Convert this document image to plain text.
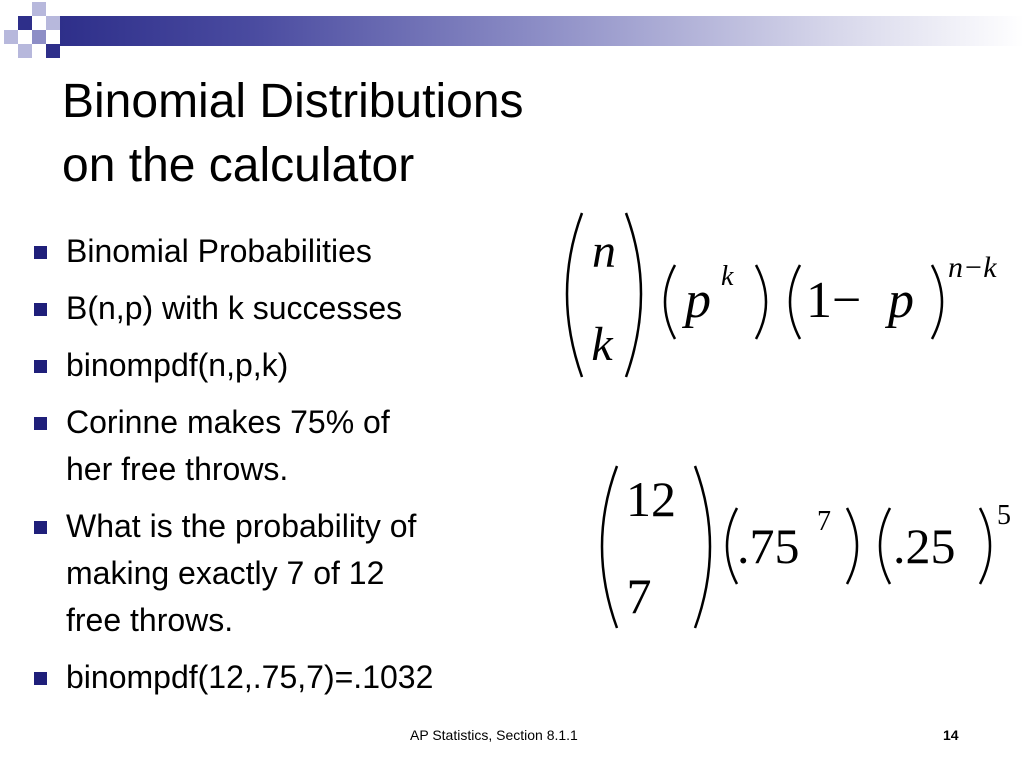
Binomial Distributions
on the calculator
Binomial Probabilities
B(n,p) with k successes
binompdf(n,p,k)
Corinne makes 75% of
her free throws.
What is the probability of
making exactly 7 of 12
free throws.
binompdf(12,.75,7)=.1032
n
k
p k 1− p
n−k
12
7
.75 7 .25
5
AP Statistics, Section 8.1.1	14
